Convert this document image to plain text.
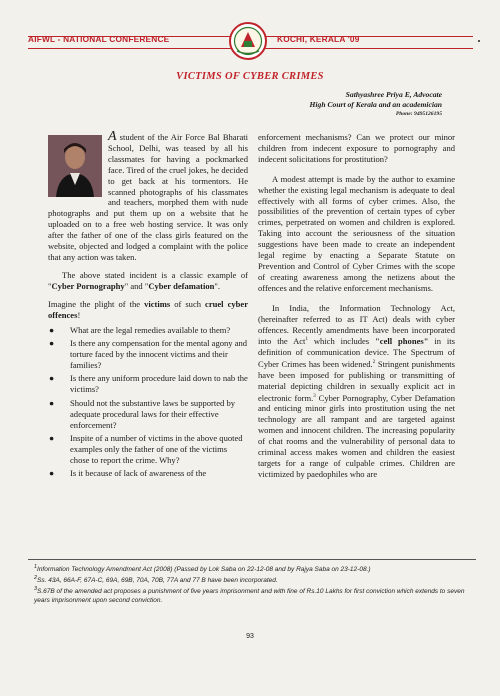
AIFWL - NATIONAL CONFERENCE	KOCHI, KERALA '09
VICTIMS OF CYBER CRIMES
Sathyashree Priya E, Advocate
High Court of Kerala and an academician
Phone: 9495126195

A student of the Air Force Bal Bharati School, Delhi, was teased by all his classmates for having a pockmarked face. Tired of the cruel jokes, he decided to get back at his tormentors. He scanned photographs of his classmates and teachers, morphed them with nude photographs and put them up on a website that he uploaded on to a free web hosting service. It was only after the father of one of the class girls featured on the website, objected and lodged a complaint with the police that any action was taken.

The above stated incident is a classic example of "Cyber Pornography" and "Cyber defamation".

Imagine the plight of the victims of such cruel cyber offences!

● What are the legal remedies available to them?
● Is there any compensation for the mental agony and torture faced by the innocent victims and their families?
● Is there any uniform procedure laid down to nab the victims?
● Should not the substantive laws be supported by adequate procedural laws for their effective enforcement?
● Inspite of a number of victims in the above quoted examples only the father of one of the victims chose to report the crime. Why?
● Is it because of lack of awareness of the

enforcement mechanisms? Can we protect our minor children from indecent exposure to pornography and indecent solicitations for prostitution?

A modest attempt is made by the author to examine whether the existing legal mechanism is adequate to deal effectively with all forms of cyber crimes. Also, the possibilities of the prevention of certain types of cyber crimes, perpetrated on women and children is explored. Taking into account the seriousness of the situation suggestions have been made to create an independent legal regime by enacting a Separate Statute on Prevention and Control of Cyber Crimes with the scope of creating awareness among the netizens about the offences and the relative enforcement mechanisms.

In India, the Information Technology Act, (hereinafter referred to as IT Act) deals with cyber offences. Recently amendments have been incorporated into the Act$^1$ which includes "cell phones" in its definition of communication device. The Spectrum of Cyber Crimes has been widened.$^2$ Stringent punishments have been imposed for publishing or transmitting of material depicting children in sexually explicit act in electronic form.$^3$ Cyber Pornography, Cyber Defamation and enticing minor girls into prostitution using the net technology are all rampant and are targeted against women and innocent children. The increasing popularity of chat rooms and the vulnerability of personal data to criminal access makes women and children the easiest targets for a range of culpable crimes. Children are victimized by paedophiles who are

$^1$Information Technology Amendment Act (2008) (Passed by Lok Saba on 22-12-08 and by Rajya Saba on 23-12-08.)

$^2$Ss. 43A, 66A-F, 67A-C, 69A, 69B, 70A, 70B, 77A and 77 B have been incorporated.

$^3$S.67B of the amended act proposes a punishment of five years imprisonment and with fine of Rs.10 Lakhs for first conviction which extends to seven years imprisonment upon second conviction.

93
